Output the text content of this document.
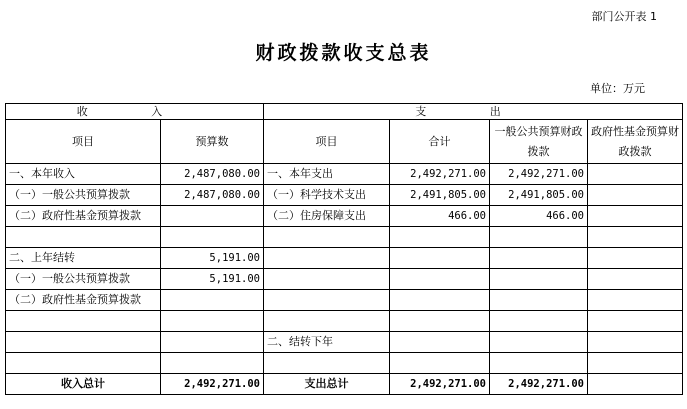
部门公开表 1
财政拨款收支总表
单位：万元
收 入		支 出			
项目	预算数	项目	合计	一般公共预算财政拨款	政府性基金预算财政拨款
一、本年收入	2,487,080.00	一、本年支出	2,492,271.00	2,492,271.00	
（一）一般公共预算拨款	2,487,080.00	（一）科学技术支出	2,491,805.00	2,491,805.00	
（二）政府性基金预算拨款		（二）住房保障支出	466.00	466.00	

二、上年结转	5,191.00				
（一）一般公共预算拨款	5,191.00				
（二）政府性基金预算拨款					

		二、结转下年			

收入总计	2,492,271.00	支出总计	2,492,271.00	2,492,271.00	
